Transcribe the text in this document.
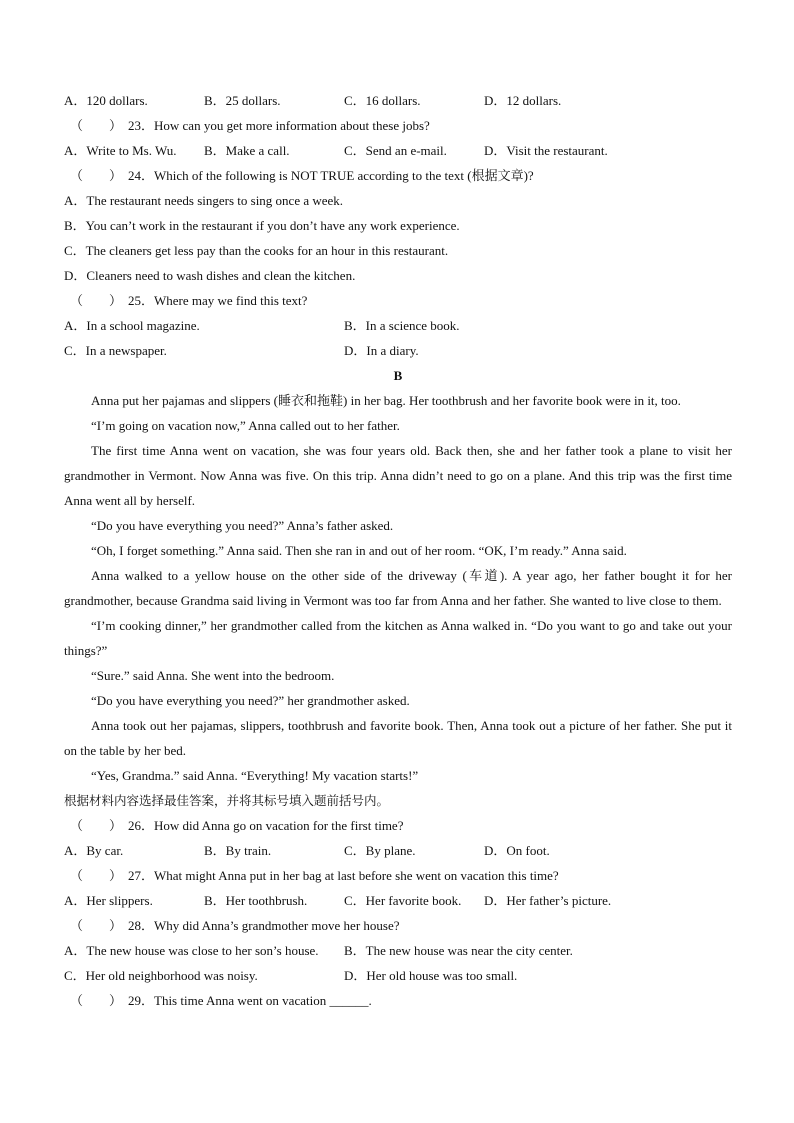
A．120 dollars.	B．25 dollars.	C．16 dollars.	D．12 dollars.
（　　） 23．How can you get more information about these jobs?
A．Write to Ms. Wu.	B．Make a call.	C．Send an e-mail.	D．Visit the restaurant.
（　　） 24．Which of the following is NOT TRUE according to the text (根据文章)?
A．The restaurant needs singers to sing once a week.
B．You can’t work in the restaurant if you don’t have any work experience.
C．The cleaners get less pay than the cooks for an hour in this restaurant.
D．Cleaners need to wash dishes and clean the kitchen.
（　　） 25．Where may we find this text?
A．In a school magazine.	B．In a science book.
C．In a newspaper.	D．In a diary.
B
Anna put her pajamas and slippers (睡衣和拖鞋) in her bag. Her toothbrush and her favorite book were in it, too.
“I’m going on vacation now,” Anna called out to her father.
The first time Anna went on vacation, she was four years old. Back then, she and her father took a plane to visit her grandmother in Vermont. Now Anna was five. On this trip. Anna didn’t need to go on a plane. And this trip was the first time Anna went all by herself.
“Do you have everything you need?” Anna’s father asked.
“Oh, I forget something.” Anna said. Then she ran in and out of her room. “OK, I’m ready.” Anna said.
Anna walked to a yellow house on the other side of the driveway (车道). A year ago, her father bought it for her grandmother, because Grandma said living in Vermont was too far from Anna and her father. She wanted to live close to them.
“I’m cooking dinner,” her grandmother called from the kitchen as Anna walked in. “Do you want to go and take out your things?”
“Sure.” said Anna. She went into the bedroom.
“Do you have everything you need?” her grandmother asked.
Anna took out her pajamas, slippers, toothbrush and favorite book. Then, Anna took out a picture of her father. She put it on the table by her bed.
“Yes, Grandma.” said Anna. “Everything! My vacation starts!”
根据材料内容选择最佳答案，并将其标号填入题前括号内。
（　　） 26．How did Anna go on vacation for the first time?
A．By car.	B．By train.	C．By plane.	D．On foot.
（　　） 27．What might Anna put in her bag at last before she went on vacation this time?
A．Her slippers.	B．Her toothbrush.	C．Her favorite book.	D．Her father’s picture.
（　　） 28．Why did Anna’s grandmother move her house?
A．The new house was close to her son’s house.	B．The new house was near the city center.
C．Her old neighborhood was noisy.	D．Her old house was too small.
（　　） 29．This time Anna went on vacation ______.
